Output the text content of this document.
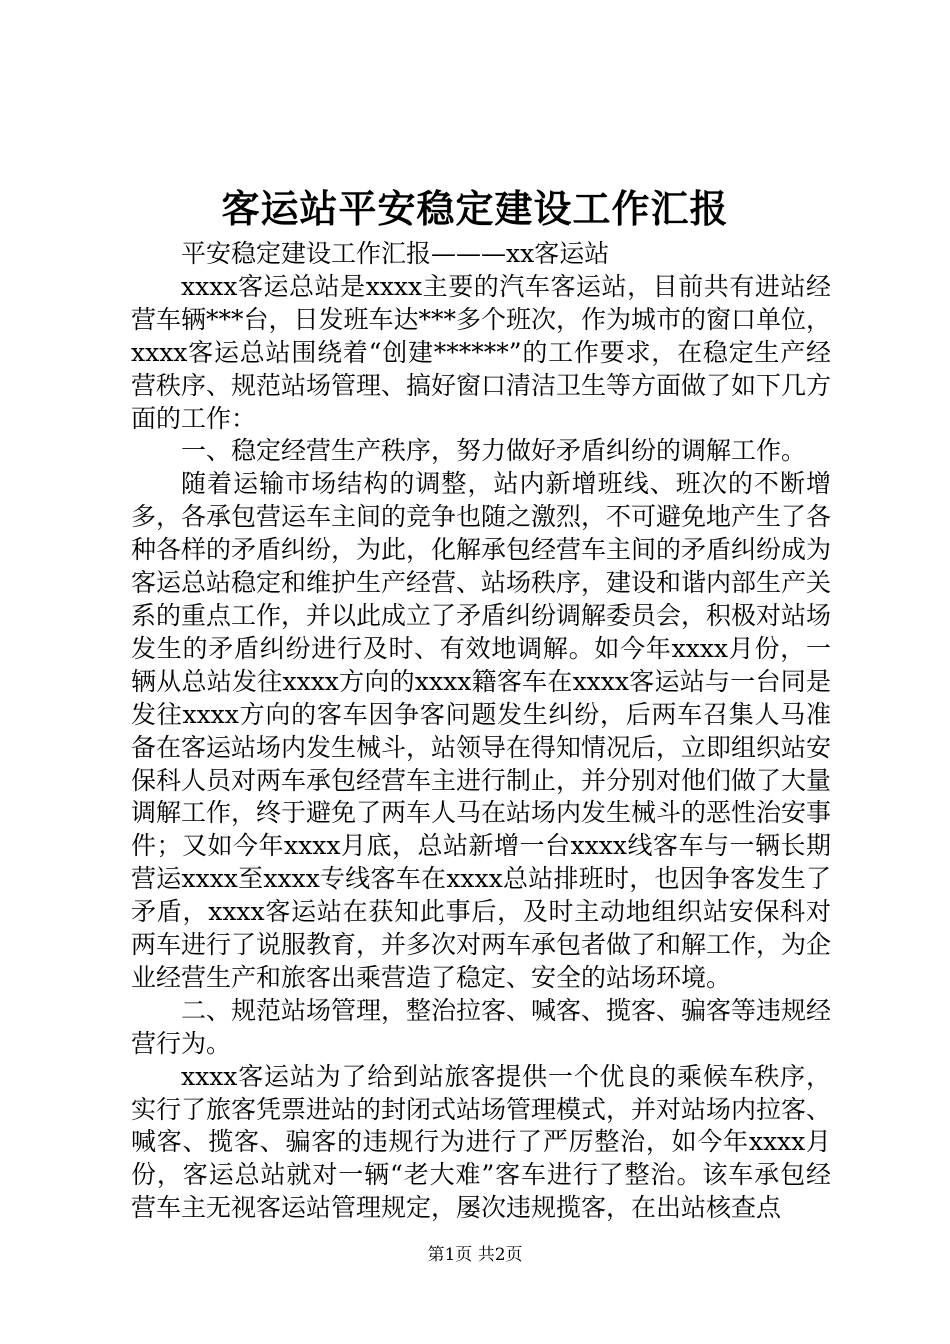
客运站平安稳定建设工作汇报

平安稳定建设工作汇报———xx客运站

xxxx客运总站是xxxx主要的汽车客运站，目前共有进站经营车辆***台，日发班车达***多个班次，作为城市的窗口单位，xxxx客运总站围绕着“创建******”的工作要求，在稳定生产经营秩序、规范站场管理、搞好窗口清洁卫生等方面做了如下几方面的工作：

一、稳定经营生产秩序，努力做好矛盾纠纷的调解工作。

随着运输市场结构的调整，站内新增班线、班次的不断增多，各承包营运车主间的竞争也随之激烈，不可避免地产生了各种各样的矛盾纠纷，为此，化解承包经营车主间的矛盾纠纷成为客运总站稳定和维护生产经营、站场秩序，建设和谐内部生产关系的重点工作，并以此成立了矛盾纠纷调解委员会，积极对站场发生的矛盾纠纷进行及时、有效地调解。如今年xxxx月份，一辆从总站发往xxxx方向的xxxx籍客车在xxxx客运站与一台同是发往xxxx方向的客车因争客问题发生纠纷，后两车召集人马准备在客运站场内发生械斗，站领导在得知情况后，立即组织站安保科人员对两车承包经营车主进行制止，并分别对他们做了大量调解工作，终于避免了两车人马在站场内发生械斗的恶性治安事件；又如今年xxxx月底，总站新增一台xxxx线客车与一辆长期营运xxxx至xxxx专线客车在xxxx总站排班时，也因争客发生了矛盾，xxxx客运站在获知此事后，及时主动地组织站安保科对两车进行了说服教育，并多次对两车承包者做了和解工作，为企业经营生产和旅客出乘营造了稳定、安全的站场环境。

二、规范站场管理，整治拉客、喊客、揽客、骗客等违规经营行为。

xxxx客运站为了给到站旅客提供一个优良的乘候车秩序，实行了旅客凭票进站的封闭式站场管理模式，并对站场内拉客、喊客、揽客、骗客的违规行为进行了严厉整治，如今年xxxx月份，客运总站就对一辆“老大难”客车进行了整治。该车承包经营车主无视客运站管理规定，屡次违规揽客，在出站核查点

第1页 共2页
